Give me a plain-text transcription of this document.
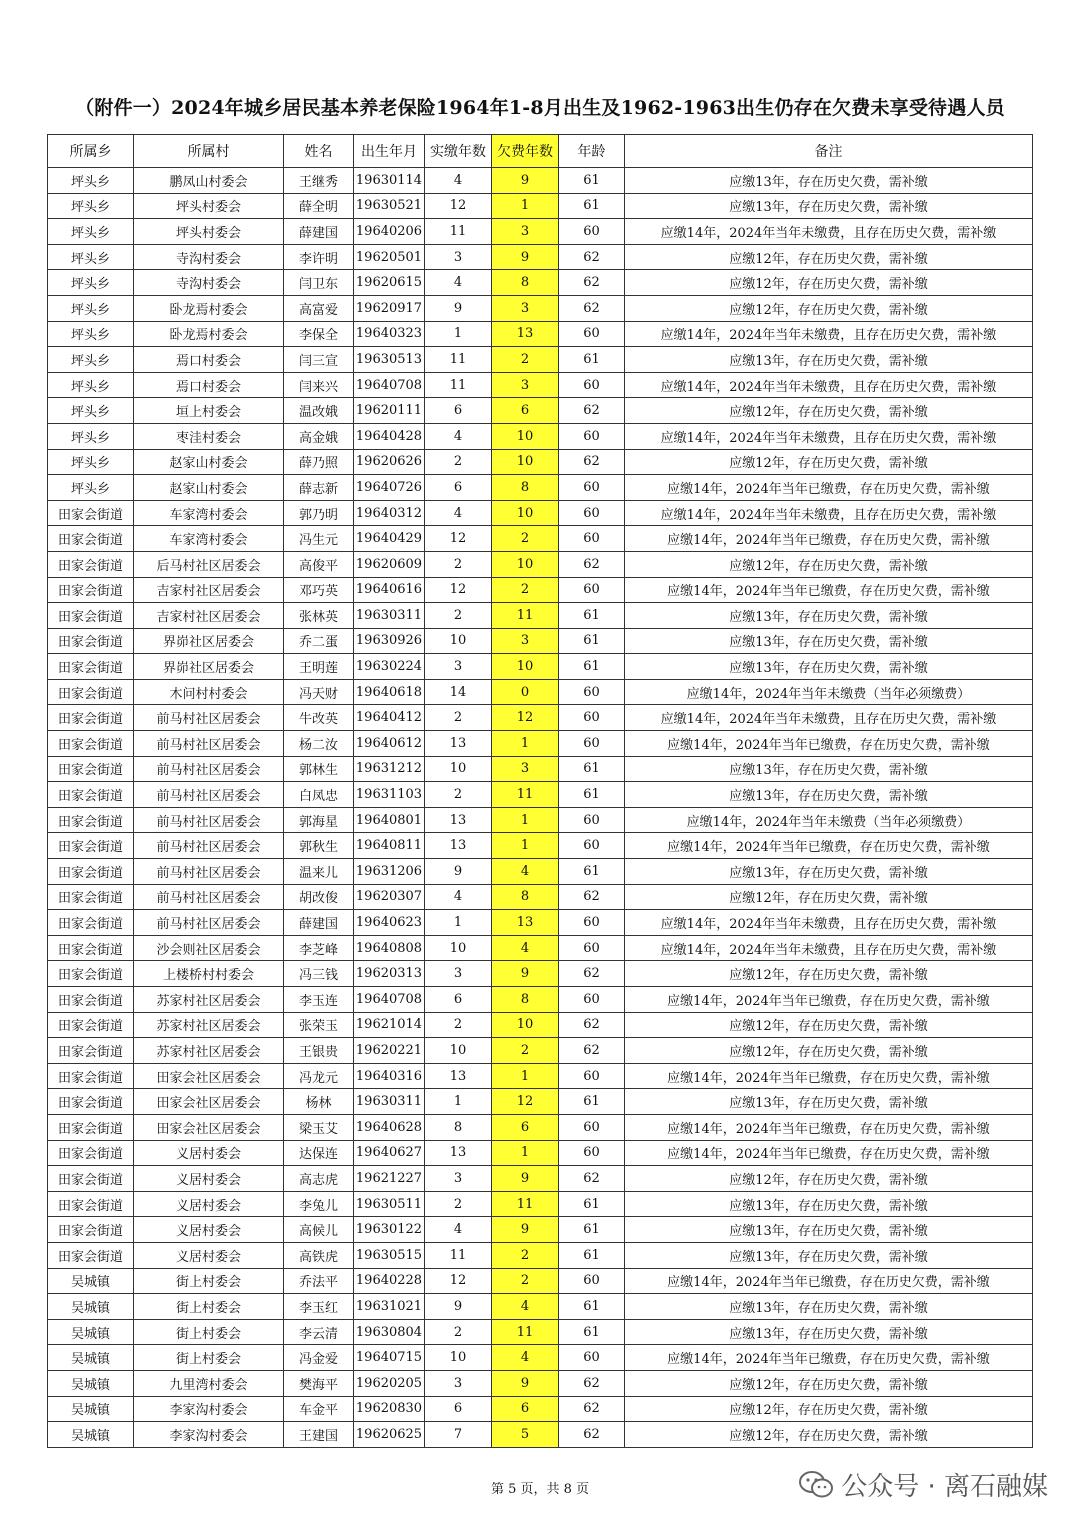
（附件一）2024年城乡居民基本养老保险1964年1-8月出生及1962-1963出生仍存在欠费未享受待遇人员
所属乡	所属村	姓名	出生年月	实缴年数	欠费年数	年龄	备注
坪头乡	鹏凤山村委会	王继秀	19630114	4	9	61	应缴13年，存在历史欠费，需补缴
坪头乡	坪头村委会	薛全明	19630521	12	1	61	应缴13年，存在历史欠费，需补缴
坪头乡	坪头村委会	薛建国	19640206	11	3	60	应缴14年，2024年当年未缴费，且存在历史欠费，需补缴
坪头乡	寺沟村委会	李许明	19620501	3	9	62	应缴12年，存在历史欠费，需补缴
坪头乡	寺沟村委会	闫卫东	19620615	4	8	62	应缴12年，存在历史欠费，需补缴
坪头乡	卧龙焉村委会	高富爱	19620917	9	3	62	应缴12年，存在历史欠费，需补缴
坪头乡	卧龙焉村委会	李保全	19640323	1	13	60	应缴14年，2024年当年未缴费，且存在历史欠费，需补缴
坪头乡	焉口村委会	闫三宣	19630513	11	2	61	应缴13年，存在历史欠费，需补缴
坪头乡	焉口村委会	闫来兴	19640708	11	3	60	应缴14年，2024年当年未缴费，且存在历史欠费，需补缴
坪头乡	垣上村委会	温改娥	19620111	6	6	62	应缴12年，存在历史欠费，需补缴
坪头乡	枣洼村委会	高金娥	19640428	4	10	60	应缴14年，2024年当年未缴费，且存在历史欠费，需补缴
坪头乡	赵家山村委会	薛乃照	19620626	2	10	62	应缴12年，存在历史欠费，需补缴
坪头乡	赵家山村委会	薛志新	19640726	6	8	60	应缴14年，2024年当年已缴费，存在历史欠费，需补缴
田家会街道	车家湾村委会	郭乃明	19640312	4	10	60	应缴14年，2024年当年未缴费，且存在历史欠费，需补缴
田家会街道	车家湾村委会	冯生元	19640429	12	2	60	应缴14年，2024年当年已缴费，存在历史欠费，需补缴
田家会街道	后马村社区居委会	高俊平	19620609	2	10	62	应缴12年，存在历史欠费，需补缴
田家会街道	吉家村社区居委会	邓巧英	19640616	12	2	60	应缴14年，2024年当年已缴费，存在历史欠费，需补缴
田家会街道	吉家村社区居委会	张林英	19630311	2	11	61	应缴13年，存在历史欠费，需补缴
田家会街道	界峁社区居委会	乔二蛋	19630926	10	3	61	应缴13年，存在历史欠费，需补缴
田家会街道	界峁社区居委会	王明莲	19630224	3	10	61	应缴13年，存在历史欠费，需补缴
田家会街道	木问村村委会	冯天财	19640618	14	0	60	应缴14年，2024年当年未缴费（当年必须缴费）
田家会街道	前马村社区居委会	牛改英	19640412	2	12	60	应缴14年，2024年当年未缴费，且存在历史欠费，需补缴
田家会街道	前马村社区居委会	杨二汝	19640612	13	1	60	应缴14年，2024年当年已缴费，存在历史欠费，需补缴
田家会街道	前马村社区居委会	郭林生	19631212	10	3	61	应缴13年，存在历史欠费，需补缴
田家会街道	前马村社区居委会	白凤忠	19631103	2	11	61	应缴13年，存在历史欠费，需补缴
田家会街道	前马村社区居委会	郭海星	19640801	13	1	60	应缴14年，2024年当年未缴费（当年必须缴费）
田家会街道	前马村社区居委会	郭秋生	19640811	13	1	60	应缴14年，2024年当年已缴费，存在历史欠费，需补缴
田家会街道	前马村社区居委会	温来儿	19631206	9	4	61	应缴13年，存在历史欠费，需补缴
田家会街道	前马村社区居委会	胡改俊	19620307	4	8	62	应缴12年，存在历史欠费，需补缴
田家会街道	前马村社区居委会	薛建国	19640623	1	13	60	应缴14年，2024年当年未缴费，且存在历史欠费，需补缴
田家会街道	沙会则社区居委会	李芝峰	19640808	10	4	60	应缴14年，2024年当年未缴费，且存在历史欠费，需补缴
田家会街道	上楼桥村村委会	冯三钱	19620313	3	9	62	应缴12年，存在历史欠费，需补缴
田家会街道	苏家村社区居委会	李玉连	19640708	6	8	60	应缴14年，2024年当年已缴费，存在历史欠费，需补缴
田家会街道	苏家村社区居委会	张荣玉	19621014	2	10	62	应缴12年，存在历史欠费，需补缴
田家会街道	苏家村社区居委会	王银贵	19620221	10	2	62	应缴12年，存在历史欠费，需补缴
田家会街道	田家会社区居委会	冯龙元	19640316	13	1	60	应缴14年，2024年当年已缴费，存在历史欠费，需补缴
田家会街道	田家会社区居委会	杨林	19630311	1	12	61	应缴13年，存在历史欠费，需补缴
田家会街道	田家会社区居委会	梁玉艾	19640628	8	6	60	应缴14年，2024年当年已缴费，存在历史欠费，需补缴
田家会街道	义居村委会	达保连	19640627	13	1	60	应缴14年，2024年当年已缴费，存在历史欠费，需补缴
田家会街道	义居村委会	高志虎	19621227	3	9	62	应缴12年，存在历史欠费，需补缴
田家会街道	义居村委会	李兔儿	19630511	2	11	61	应缴13年，存在历史欠费，需补缴
田家会街道	义居村委会	高候儿	19630122	4	9	61	应缴13年，存在历史欠费，需补缴
田家会街道	义居村委会	高铁虎	19630515	11	2	61	应缴13年，存在历史欠费，需补缴
吴城镇	街上村委会	乔法平	19640228	12	2	60	应缴14年，2024年当年已缴费，存在历史欠费，需补缴
吴城镇	街上村委会	李玉红	19631021	9	4	61	应缴13年，存在历史欠费，需补缴
吴城镇	街上村委会	李云清	19630804	2	11	61	应缴13年，存在历史欠费，需补缴
吴城镇	街上村委会	冯金爱	19640715	10	4	60	应缴14年，2024年当年已缴费，存在历史欠费，需补缴
吴城镇	九里湾村委会	樊海平	19620205	3	9	62	应缴12年，存在历史欠费，需补缴
吴城镇	李家沟村委会	车金平	19620830	6	6	62	应缴12年，存在历史欠费，需补缴
吴城镇	李家沟村委会	王建国	19620625	7	5	62	应缴12年，存在历史欠费，需补缴
第 5 页，共 8 页	公众号 · 离石融媒
